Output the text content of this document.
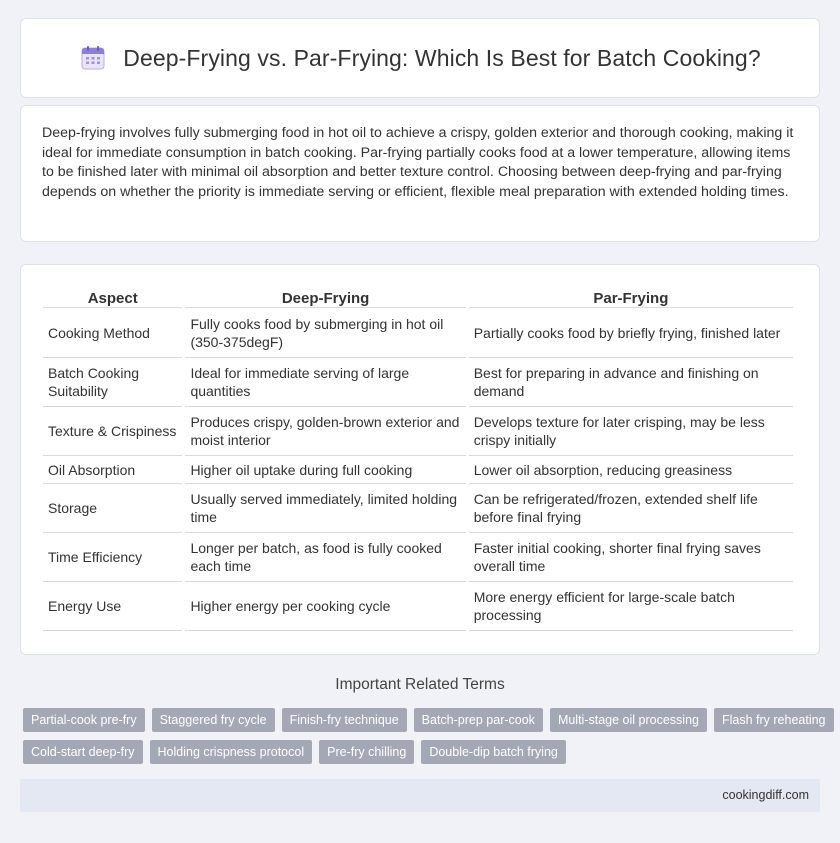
Deep-Frying vs. Par-Frying: Which Is Best for Batch Cooking?

Deep-frying involves fully submerging food in hot oil to achieve a crispy, golden exterior and thorough cooking, making it ideal for immediate consumption in batch cooking. Par-frying partially cooks food at a lower temperature, allowing items to be finished later with minimal oil absorption and better texture control. Choosing between deep-frying and par-frying depends on whether the priority is immediate serving or efficient, flexible meal preparation with extended holding times.

Aspect	Deep-Frying	Par-Frying
Cooking Method	Fully cooks food by submerging in hot oil (350-375degF)	Partially cooks food by briefly frying, finished later
Batch Cooking Suitability	Ideal for immediate serving of large quantities	Best for preparing in advance and finishing on demand
Texture & Crispiness	Produces crispy, golden-brown exterior and moist interior	Develops texture for later crisping, may be less crispy initially
Oil Absorption	Higher oil uptake during full cooking	Lower oil absorption, reducing greasiness
Storage	Usually served immediately, limited holding time	Can be refrigerated/frozen, extended shelf life before final frying
Time Efficiency	Longer per batch, as food is fully cooked each time	Faster initial cooking, shorter final frying saves overall time
Energy Use	Higher energy per cooking cycle	More energy efficient for large-scale batch processing
Important Related Terms
Partial-cook pre-fry	Staggered fry cycle	Finish-fry technique	Batch-prep par-cook	Multi-stage oil processing	Flash fry reheating
Cold-start deep-fry	Holding crispness protocol	Pre-fry chilling	Double-dip batch frying
cookingdiff.com
